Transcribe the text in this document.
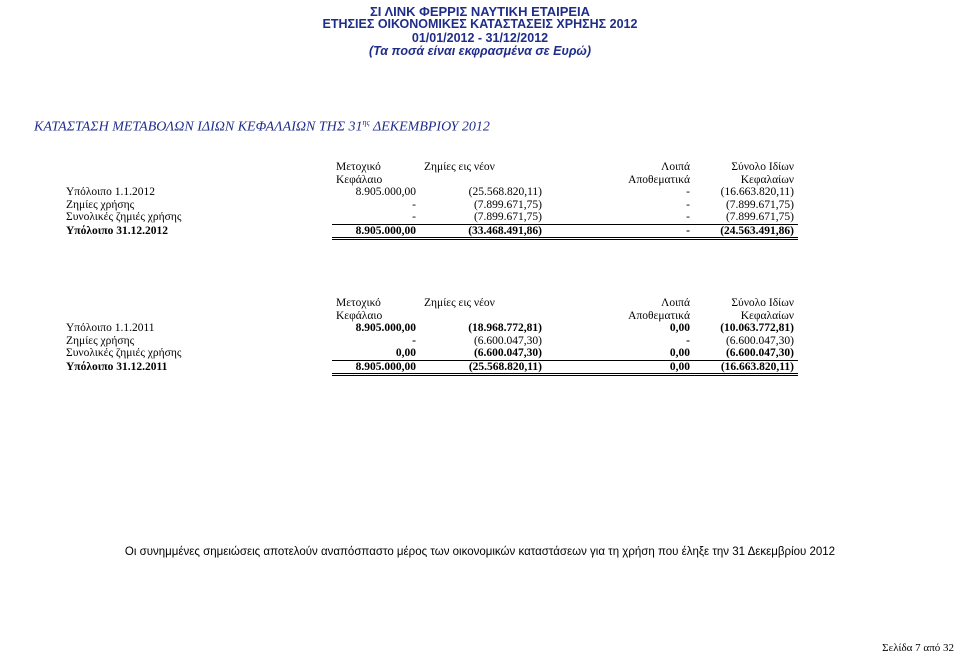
ΣΙ ΛΙΝΚ ΦΕΡΡΙΣ ΝΑΥΤΙΚΗ ΕΤΑΙΡΕΙΑ
ΕΤΗΣΙΕΣ ΟΙΚΟΝΟΜΙΚΕΣ ΚΑΤΑΣΤΑΣΕΙΣ ΧΡΗΣΗΣ 2012
01/01/2012 - 31/12/2012
(Τα ποσά είναι εκφρασμένα σε Ευρώ)
ΚΑΤΑΣΤΑΣΗ ΜΕΤΑΒΟΛΩΝ ΙΔΙΩΝ ΚΕΦΑΛΑΙΩΝ ΤΗΣ $31^{\eta\varsigma}$ ΔΕΚΕΜΒΡΙΟΥ 2012
	Μετοχικό	Ζημίες εις νέον	Λοιπά	Σύνολο Ιδίων
	Κεφάλαιο		Αποθεματικά	Κεφαλαίων
Υπόλοιπο 1.1.2012	8.905.000,00	(25.568.820,11)	-	(16.663.820,11)
Ζημίες χρήσης	-	(7.899.671,75)	-	(7.899.671,75)
Συνολικές ζημιές χρήσης	-	(7.899.671,75)	-	(7.899.671,75)
Υπόλοιπο 31.12.2012	8.905.000,00	(33.468.491,86)	-	(24.563.491,86)
	Μετοχικό	Ζημίες εις νέον	Λοιπά	Σύνολο Ιδίων
	Κεφάλαιο		Αποθεματικά	Κεφαλαίων
Υπόλοιπο 1.1.2011	8.905.000,00	(18.968.772,81)	0,00	(10.063.772,81)
Ζημίες χρήσης	-	(6.600.047,30)	-	(6.600.047,30)
Συνολικές ζημιές χρήσης	0,00	(6.600.047,30)	0,00	(6.600.047,30)
Υπόλοιπο 31.12.2011	8.905.000,00	(25.568.820,11)	0,00	(16.663.820,11)
Οι συνημμένες σημειώσεις αποτελούν αναπόσπαστο μέρος των οικονομικών καταστάσεων για τη χρήση που έληξε την 31 Δεκεμβρίου 2012
Σελίδα 7 από 32
